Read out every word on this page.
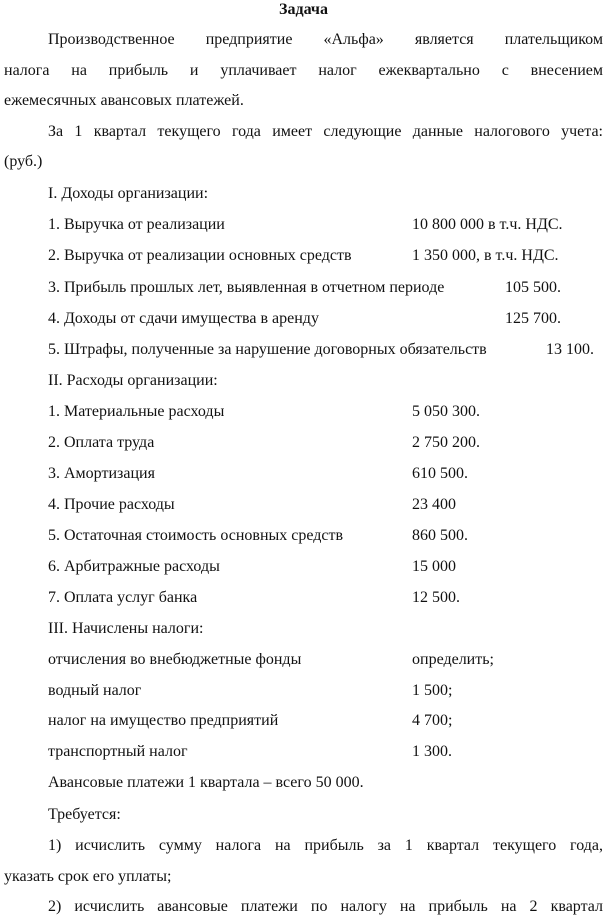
Задача
Производственное предприятие «Альфа» является плательщиком
налога на прибыль и уплачивает налог ежеквартально с внесением
ежемесячных авансовых платежей.
За 1 квартал текущего года имеет следующие данные налогового учета:
(руб.)
I. Доходы организации:
1. Выручка от реализации	10 800 000 в т.ч. НДС.
2. Выручка от реализации основных средств	1 350 000, в т.ч. НДС.
3. Прибыль прошлых лет, выявленная в отчетном периоде	105 500.
4. Доходы от сдачи имущества в аренду	125 700.
5. Штрафы, полученные за нарушение договорных обязательств	13 100.
II. Расходы организации:
1. Материальные расходы	5 050 300.
2. Оплата труда	2 750 200.
3. Амортизация	610 500.
4. Прочие расходы	23 400
5. Остаточная стоимость основных средств	860 500.
6. Арбитражные расходы	15 000
7. Оплата услуг банка	12 500.
III. Начислены налоги:
отчисления во внебюджетные фонды	определить;
водный налог	1 500;
налог на имущество предприятий	4 700;
транспортный налог	1 300.
Авансовые платежи 1 квартала – всего 50 000.
Требуется:
1) исчислить сумму налога на прибыль за 1 квартал текущего года,
указать срок его уплаты;
2) исчислить авансовые платежи по налогу на прибыль на 2 квартал
